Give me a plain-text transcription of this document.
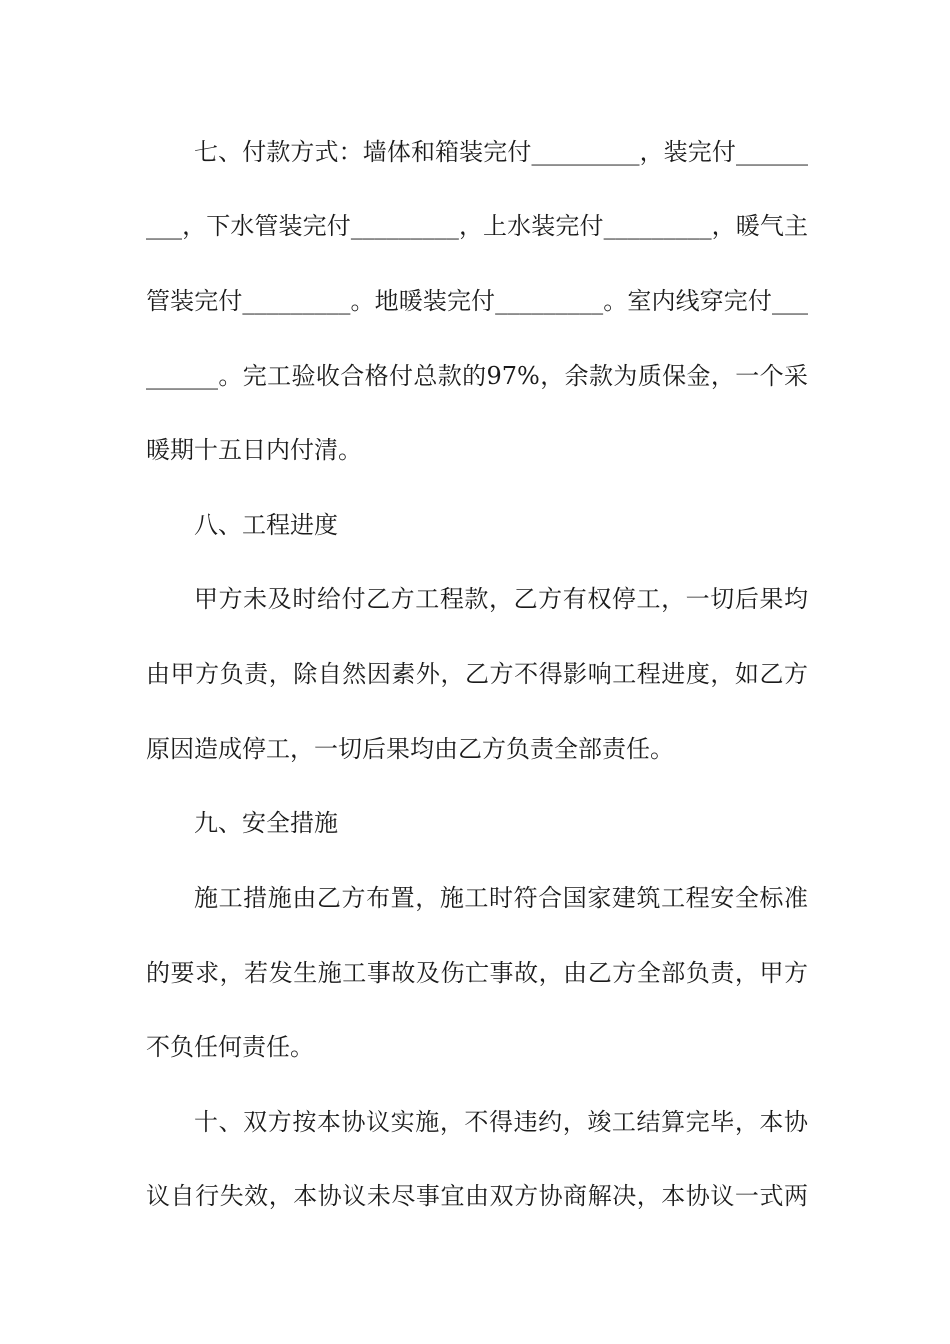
七、付款方式：墙体和箱装完付_________，装完付______
___，下水管装完付_________，上水装完付_________，暖气主
管装完付_________。地暖装完付_________。室内线穿完付___
______。完工验收合格付总款的97%，余款为质保金，一个采
暖期十五日内付清。
八、工程进度
甲方未及时给付乙方工程款，乙方有权停工，一切后果均
由甲方负责，除自然因素外，乙方不得影响工程进度，如乙方
原因造成停工，一切后果均由乙方负责全部责任。
九、安全措施
施工措施由乙方布置，施工时符合国家建筑工程安全标准
的要求，若发生施工事故及伤亡事故，由乙方全部负责，甲方
不负任何责任。
十、双方按本协议实施，不得违约，竣工结算完毕，本协
议自行失效，本协议未尽事宜由双方协商解决，本协议一式两
